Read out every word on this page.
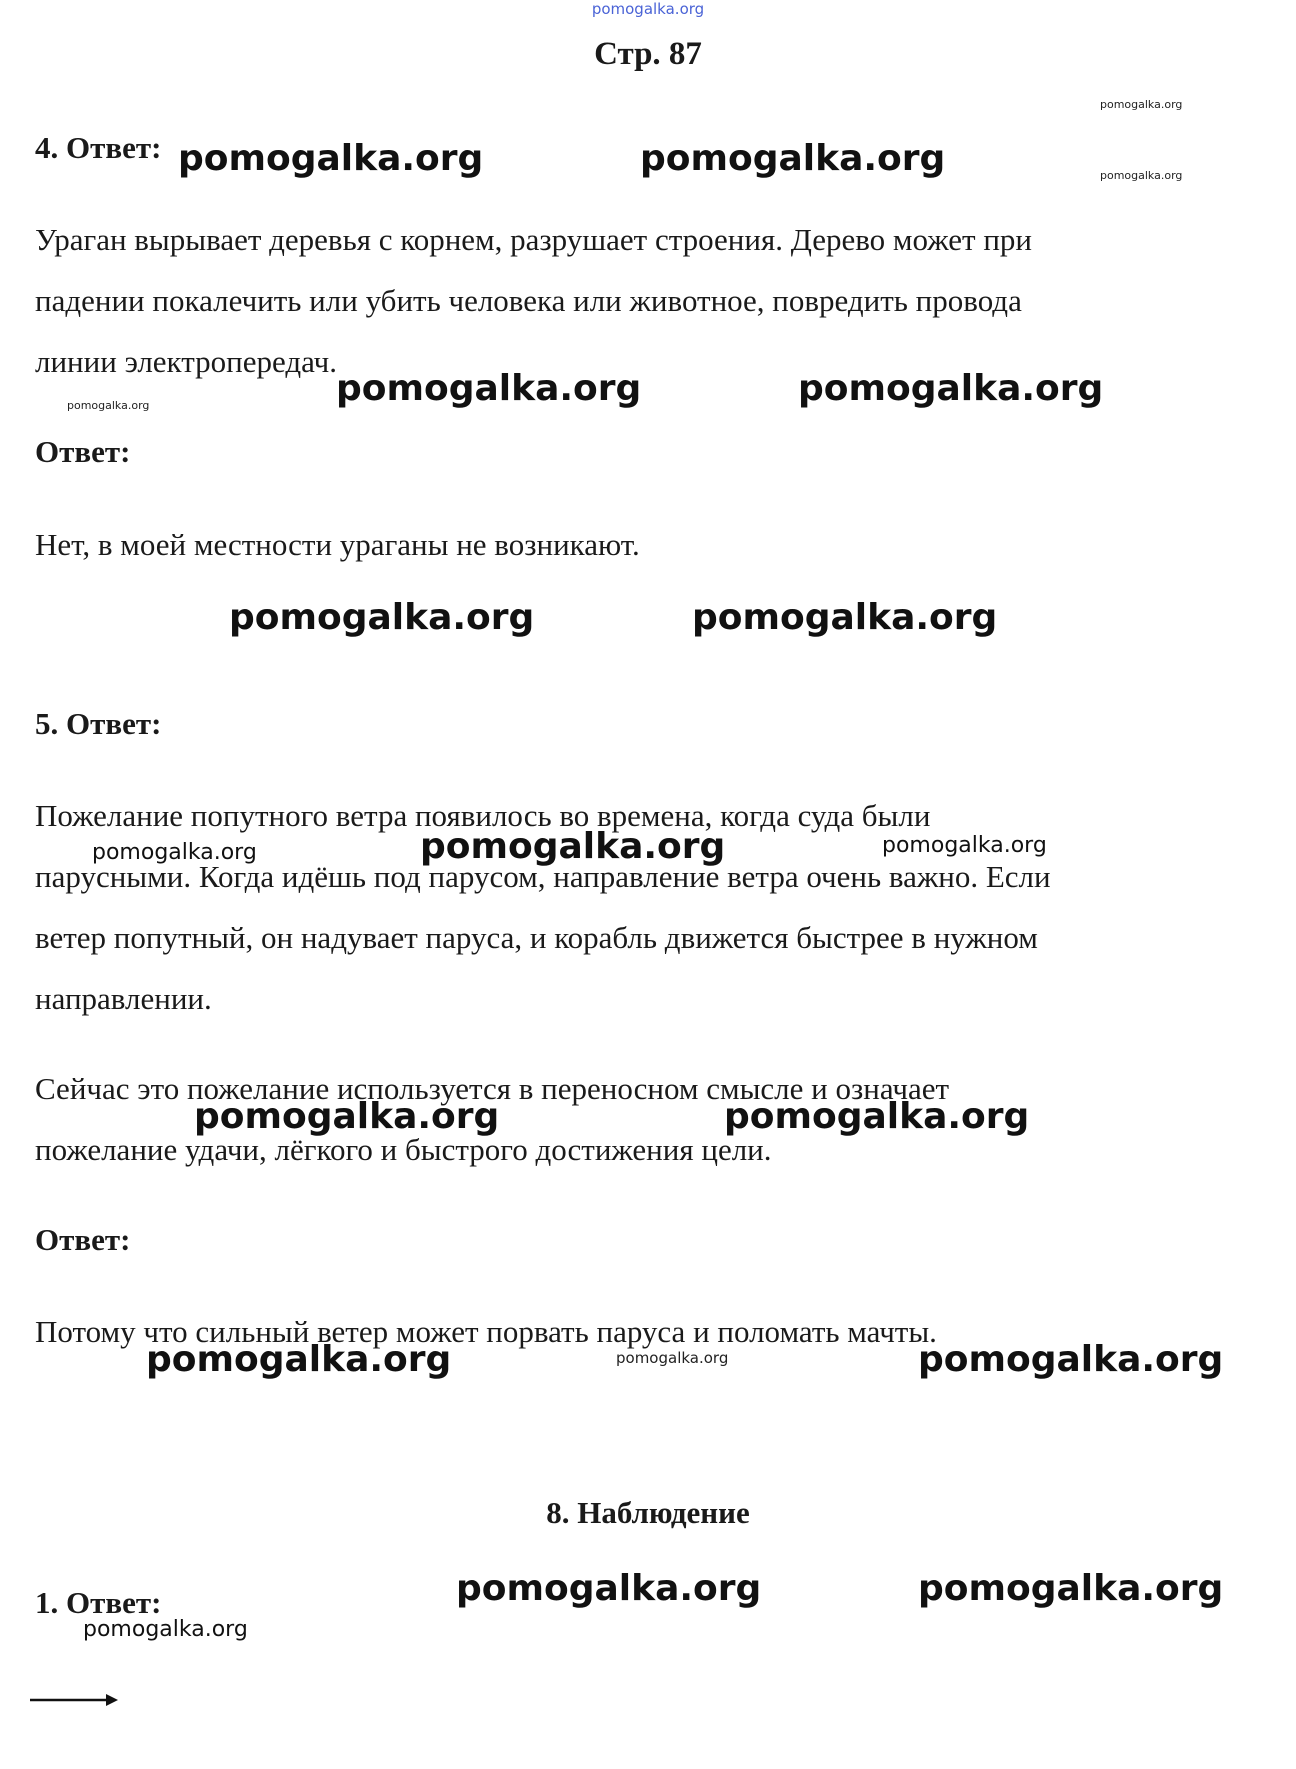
pomogalka.org
Стр. 87
pomogalka.org
pomogalka.org
4. Ответ: pomogalka.org	pomogalka.org

Ураган вырывает деревья с корнем, разрушает строения. Дерево может при

падении покалечить или убить человека или животное, повредить провода

линии электропередач.

pomogalka.org	pomogalka.org	pomogalka.org
Ответ:

Нет, в моей местности ураганы не возникают.

pomogalka.org	pomogalka.org
5. Ответ:

Пожелание попутного ветра появилось во времена, когда суда были

парусными. Когда идёшь под парусом, направление ветра очень важно. Если

ветер попутный, он надувает паруса, и корабль движется быстрее в нужном

направлении.

pomogalka.org	pomogalka.org	pomogalka.org

Сейчас это пожелание используется в переносном смысле и означает

пожелание удачи, лёгкого и быстрого достижения цели.

pomogalka.org	pomogalka.org
Ответ:

Потому что сильный ветер может порвать паруса и поломать мачты.

pomogalka.org	pomogalka.org	pomogalka.org
8. Наблюдение
pomogalka.org	pomogalka.org
1. Ответ:
pomogalka.org
